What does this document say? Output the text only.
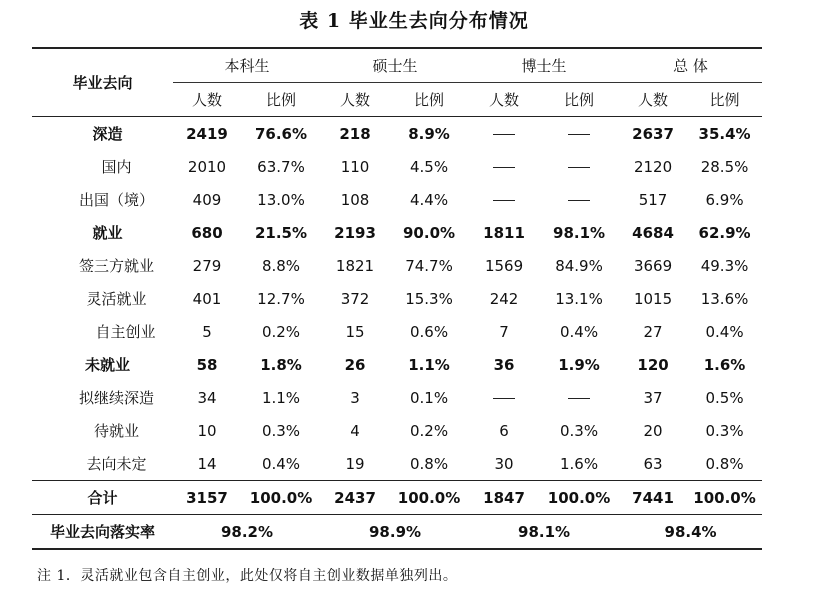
表 1 毕业生去向分布情况
毕业去向	本科生		硕士生		博士生		总 体	
	人数	比例	人数	比例	人数	比例	人数	比例
深造	2419	76.6%	218	8.9%			2637	35.4%
国内	2010	63.7%	110	4.5%			2120	28.5%
出国（境）	409	13.0%	108	4.4%			517	6.9%
就业	680	21.5%	2193	90.0%	1811	98.1%	4684	62.9%
签三方就业	279	8.8%	1821	74.7%	1569	84.9%	3669	49.3%
灵活就业	401	12.7%	372	15.3%	242	13.1%	1015	13.6%
自主创业	5	0.2%	15	0.6%	7	0.4%	27	0.4%
未就业	58	1.8%	26	1.1%	36	1.9%	120	1.6%
拟继续深造	34	1.1%	3	0.1%			37	0.5%
待就业	10	0.3%	4	0.2%	6	0.3%	20	0.3%
去向未定	14	0.4%	19	0.8%	30	1.6%	63	0.8%
合计	3157	100.0%	2437	100.0%	1847	100.0%	7441	100.0%
毕业去向落实率	98.2%		98.9%		98.1%		98.4%	
注 1．灵活就业包含自主创业，此处仅将自主创业数据单独列出。
